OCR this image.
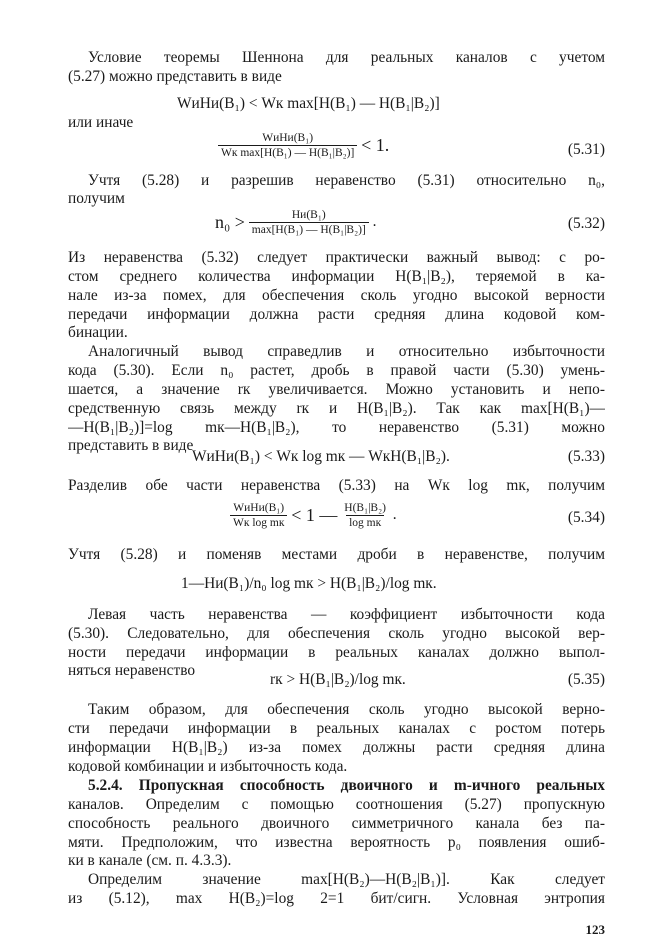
Условие теоремы Шеннона для реальных каналов с учетом
(5.27) можно представить в виде
WиHи(B₁) < Wк max[H(B₁) — H(B₁|B₂)]
или иначе
$\frac{\text{WиHи(B₁)}}{\text{Wк max[H(B₁) — H(B₁|B₂)]}} < 1$.	(5.31)
Учтя (5.28) и разрешив неравенство (5.31) относительно n₀,
получим
$n_0 > \frac{\text{Hи(B₁)}}{\text{max[H(B₁) — H(B₁|B₂)]}}$ .	(5.32)
Из неравенства (5.32) следует практически важный вывод: с ро-
стом среднего количества информации H(B₁|B₂), теряемой в ка-
нале из-за помех, для обеспечения сколь угодно высокой верности
передачи информации должна расти средняя длина кодовой ком-
бинации.
Аналогичный вывод справедлив и относительно избыточности
кода (5.30). Если n₀ растет, дробь в правой части (5.30) умень-
шается, а значение rк увеличивается. Можно установить и непо-
средственную связь между rк и H(B₁|B₂). Так как max[H(B₁)—
—H(B₁|B₂)]=log mк—H(B₁|B₂), то неравенство (5.31) можно
представить в виде
WиHи(B₁) < Wк log mк — WкH(B₁|B₂).	(5.33)
Разделив обе части неравенства (5.33) на Wк log mк, получим
$\frac{\text{WиHи(B₁)}}{\text{Wк log mк}} < 1$ — $\frac{\text{H(B₁|B₂)}}{\text{log mк}}$ .	(5.34)
Учтя (5.28) и поменяв местами дроби в неравенстве, получим
1—Hи(B₁)/n₀ log mк > H(B₁|B₂)/log mк.
Левая часть неравенства — коэффициент избыточности кода
(5.30). Следовательно, для обеспечения сколь угодно высокой вер-
ности передачи информации в реальных каналах должно выпол-
няться неравенство
rк > H(B₁|B₂)/log mк.	(5.35)
Таким образом, для обеспечения сколь угодно высокой верно-
сти передачи информации в реальных каналах с ростом потерь
информации H(B₁|B₂) из-за помех должны расти средняя длина
кодовой комбинации и избыточность кода.
5.2.4. Пропускная способность двоичного и m-ичного реальных
каналов. Определим с помощью соотношения (5.27) пропускную
способность реального двоичного симметричного канала без па-
мяти. Предположим, что известна вероятность p₀ появления ошиб-
ки в канале (см. п. 4.3.3).
Определим значение max[H(B₂)—H(B₂|B₁)]. Как следует
из (5.12), max H(B₂)=log 2=1 бит/сигн. Условная энтропия
123
